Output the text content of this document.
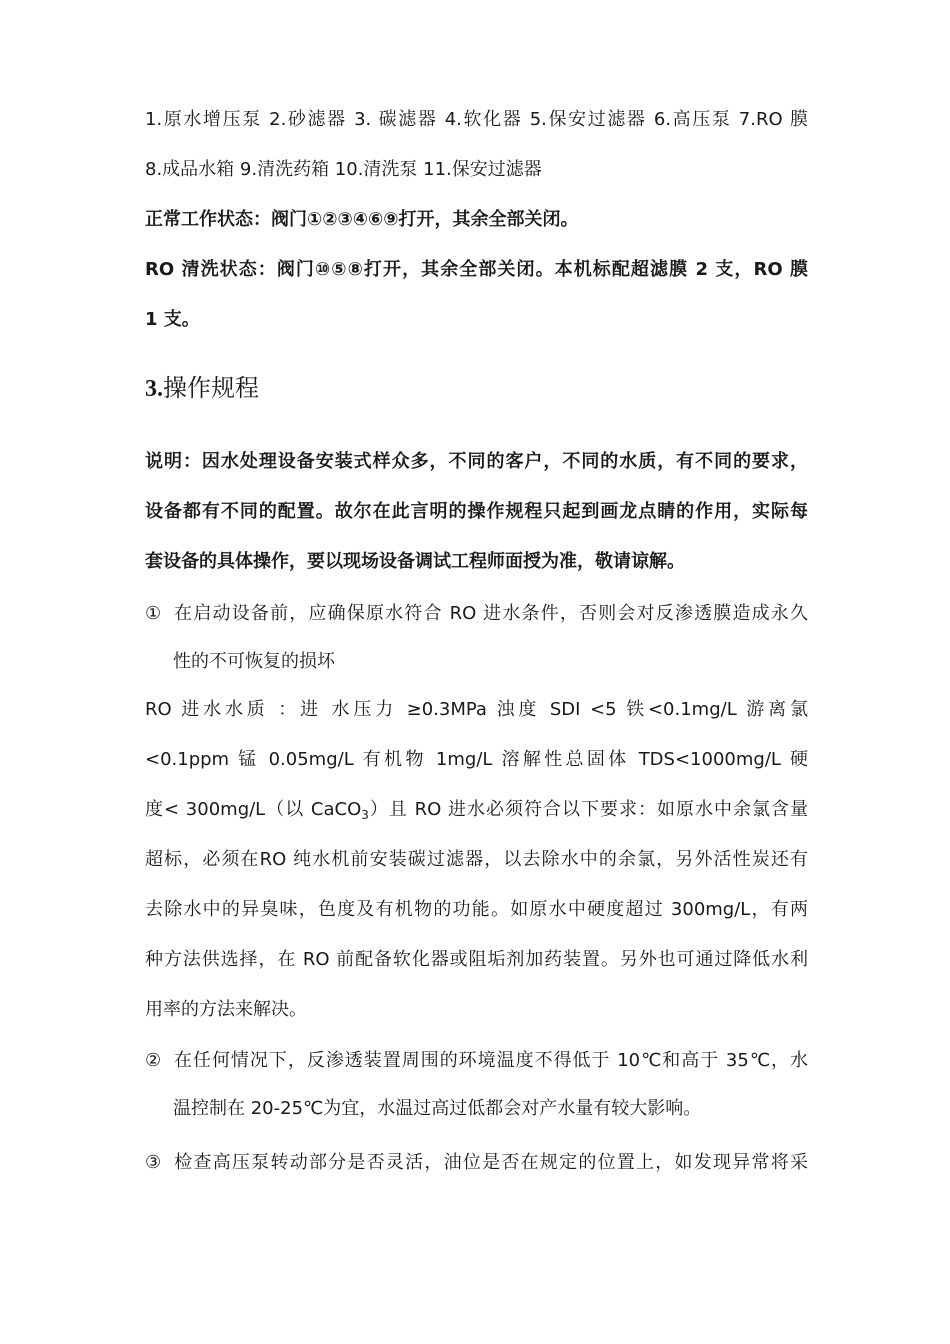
1.原水增压泵 2.砂滤器 3. 碳滤器 4.软化器 5.保安过滤器 6.高压泵 7.RO 膜
8.成品水箱 9.清洗药箱 10.清洗泵 11.保安过滤器
正常工作状态：阀门①②③④⑥⑨打开，其余全部关闭。
RO 清洗状态：阀门⑩⑤⑧打开，其余全部关闭。本机标配超滤膜 2 支，RO 膜
1 支。
3.操作规程
说明：因水处理设备安装式样众多，不同的客户，不同的水质，有不同的要求，
设备都有不同的配置。故尔在此言明的操作规程只起到画龙点睛的作用，实际每
套设备的具体操作，要以现场设备调试工程师面授为准，敬请谅解。
① 在启动设备前，应确保原水符合 RO 进水条件，否则会对反渗透膜造成永久
性的不可恢复的损坏
RO 进水水质 ：进 水压力 ≥0.3MPa 浊度 SDI <5 铁<0.1mg/L 游离氯
<0.1ppm 锰 0.05mg/L 有机物 1mg/L 溶解性总固体 TDS<1000mg/L 硬
度< 300mg/L（以 CaCO$_3$）且 RO 进水必须符合以下要求：如原水中余氯含量
超标，必须在RO 纯水机前安装碳过滤器，以去除水中的余氯，另外活性炭还有
去除水中的异臭味，色度及有机物的功能。如原水中硬度超过 300mg/L，有两
种方法供选择，在 RO 前配备软化器或阻垢剂加药装置。另外也可通过降低水利
用率的方法来解决。
② 在任何情况下，反渗透装置周围的环境温度不得低于 10℃和高于 35℃，水
温控制在 20-25℃为宜，水温过高过低都会对产水量有较大影响。
③ 检查高压泵转动部分是否灵活，油位是否在规定的位置上，如发现异常将采
